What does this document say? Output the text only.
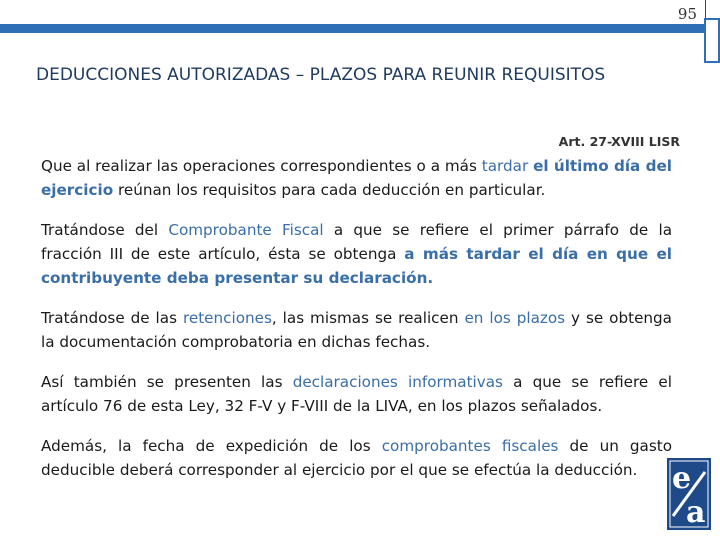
95
DEDUCCIONES AUTORIZADAS – PLAZOS PARA REUNIR REQUISITOS
Art. 27-XVIII LISR

Que al realizar las operaciones correspondientes o a más tardar el último día del ejercicio reúnan los requisitos para cada deducción en particular.

Tratándose del Comprobante Fiscal a que se refiere el primer párrafo de la fracción III de este artículo, ésta se obtenga a más tardar el día en que el contribuyente deba presentar su declaración.

Tratándose de las retenciones, las mismas se realicen en los plazos y se obtenga la documentación comprobatoria en dichas fechas.

Así también se presenten las declaraciones informativas a que se refiere el artículo 76 de esta Ley, 32 F-V y F-VIII de la LIVA, en los plazos señalados.

Además, la fecha de expedición de los comprobantes fiscales de un gasto deducible deberá corresponder al ejercicio por el que se efectúa la deducción.	e
a
